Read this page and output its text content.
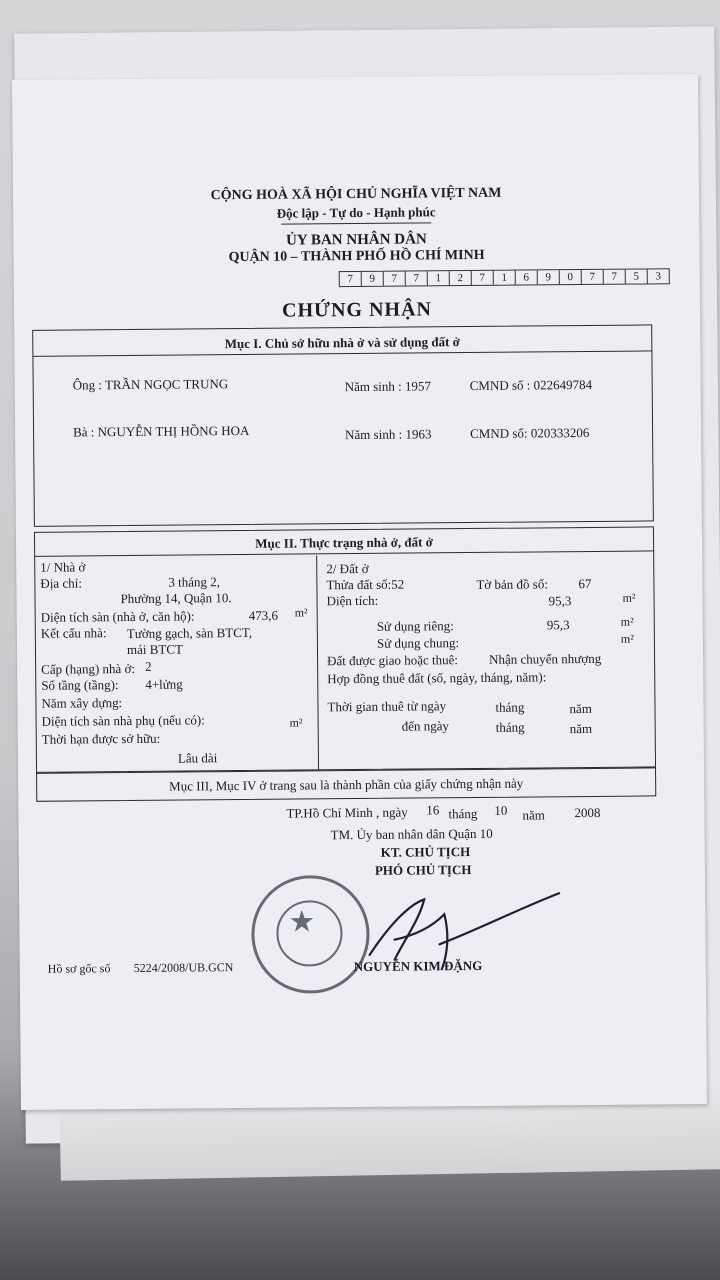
CỘNG HOÀ XÃ HỘI CHỦ NGHĨA VIỆT NAM
Độc lập - Tự do - Hạnh phúc
ỦY BAN NHÂN DÂN
QUẬN 10 – THÀNH PHỐ HỒ CHÍ MINH
7	9	7	7	1	2	7	1	6	9	0	7	7	5	3
CHỨNG NHẬN
Mục I. Chủ sở hữu nhà ở và sử dụng đất ở
Ông : TRẦN NGỌC TRUNG	Năm sinh : 1957	CMND số : 022649784
Bà : NGUYỄN THỊ HỒNG HOA	Năm sinh : 1963	CMND số: 020333206
Mục II. Thực trạng nhà ở, đất ở
1/ Nhà ở
Địa chỉ:	3 tháng 2,
Phường 14, Quận 10.
Diện tích sàn (nhà ở, căn hộ):	473,6 m²
Kết cấu nhà: Tường gạch, sàn BTCT,
mái BTCT
Cấp (hạng) nhà ở: 2
Số tầng (tầng): 4+lửng
Năm xây dựng:
Diện tích sàn nhà phụ (nếu có):	m²
Thời hạn được sở hữu:
Lâu dài
2/ Đất ở
Thửa đất số:52	Tờ bản đồ số: 67
Diện tích:	95,3	m²
Sử dụng riêng:	95,3	m²
Sử dụng chung:	m²
Đất được giao hoặc thuê: Nhận chuyển nhượng
Hợp đồng thuê đất (số, ngày, tháng, năm):
Thời gian thuê từ ngày	tháng	năm
đến ngày	tháng	năm
Mục III, Mục IV ở trang sau là thành phần của giấy chứng nhận này
TP.Hồ Chí Minh , ngày 16 tháng 10 năm 2008
TM. Ủy ban nhân dân Quận 10
KT. CHỦ TỊCH
PHÓ CHỦ TỊCH
★
NGUYỄN KIM ĐẶNG
Hồ sơ gốc số 5224/2008/UB.GCN
